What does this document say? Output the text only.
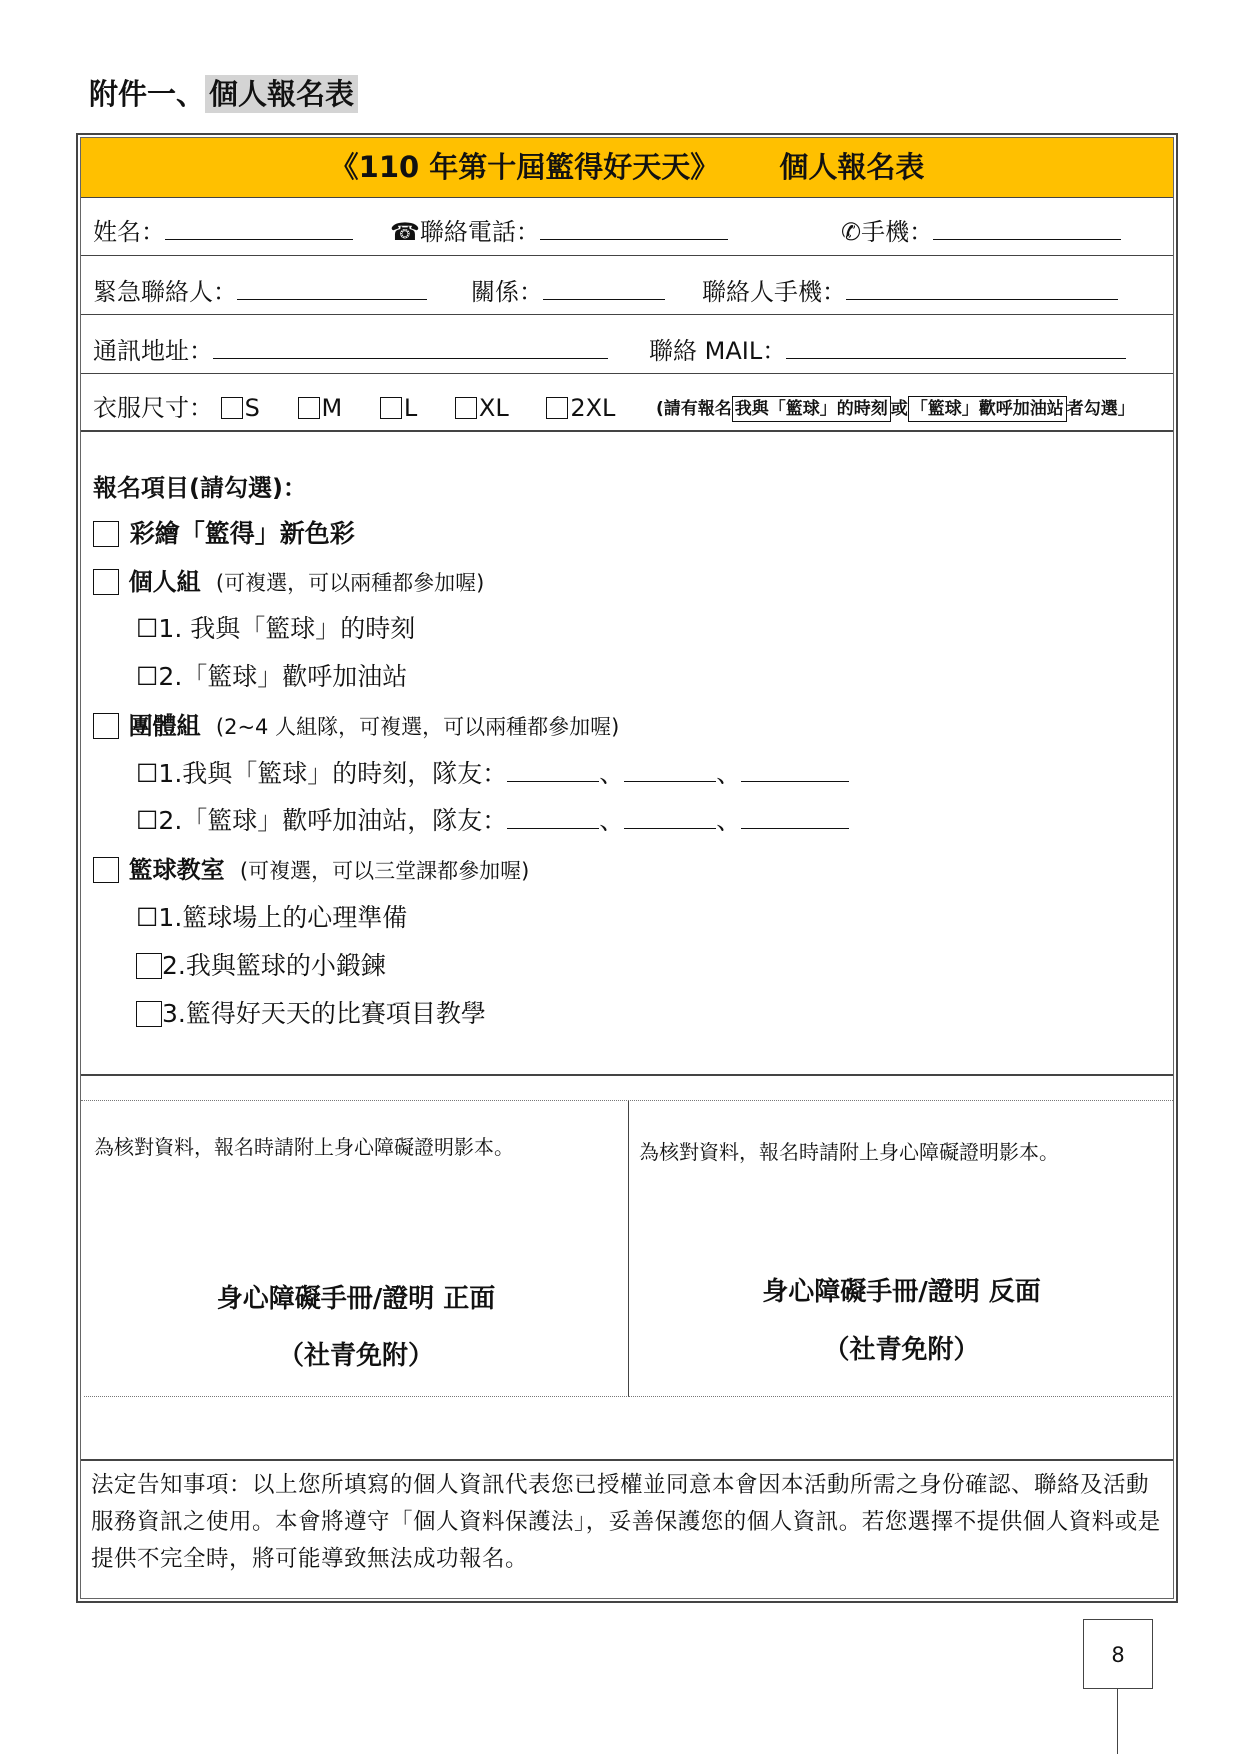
附件一、 個人報名表
《110 年第十屆籃得好天天》 個人報名表
姓名：	☎聯絡電話：	✆手機：
緊急聯絡人：	關係：	聯絡人手機：
通訊地址：	聯絡 MAIL：
衣服尺寸： S	M	L	XL	2XL (請有報名 我與「籃球」的時刻 或 「籃球」歡呼加油站 者勾選」
報名項目(請勾選)：
彩繪「籃得」新色彩
個人組 (可複選，可以兩種都參加喔)
☐1. 我與「籃球」的時刻
☐2.「籃球」歡呼加油站
團體組 (2~4 人組隊，可複選，可以兩種都參加喔)
☐1.我與「籃球」的時刻，隊友：	、	、
☐2.「籃球」歡呼加油站，隊友：	、	、
籃球教室 (可複選，可以三堂課都參加喔)
☐1.籃球場上的心理準備
2.我與籃球的小鍛鍊
3.籃得好天天的比賽項目教學
為核對資料，報名時請附上身心障礙證明影本。
身心障礙手冊/證明 正面
（社青免附）
為核對資料，報名時請附上身心障礙證明影本。
身心障礙手冊/證明 反面
（社青免附）
法定告知事項：以上您所填寫的個人資訊代表您已授權並同意本會因本活動所需之身份確認、聯絡及活動服務資訊之使用。本會將遵守「個人資料保護法」，妥善保護您的個人資訊。若您選擇不提供個人資料或是提供不完全時，將可能導致無法成功報名。
8
